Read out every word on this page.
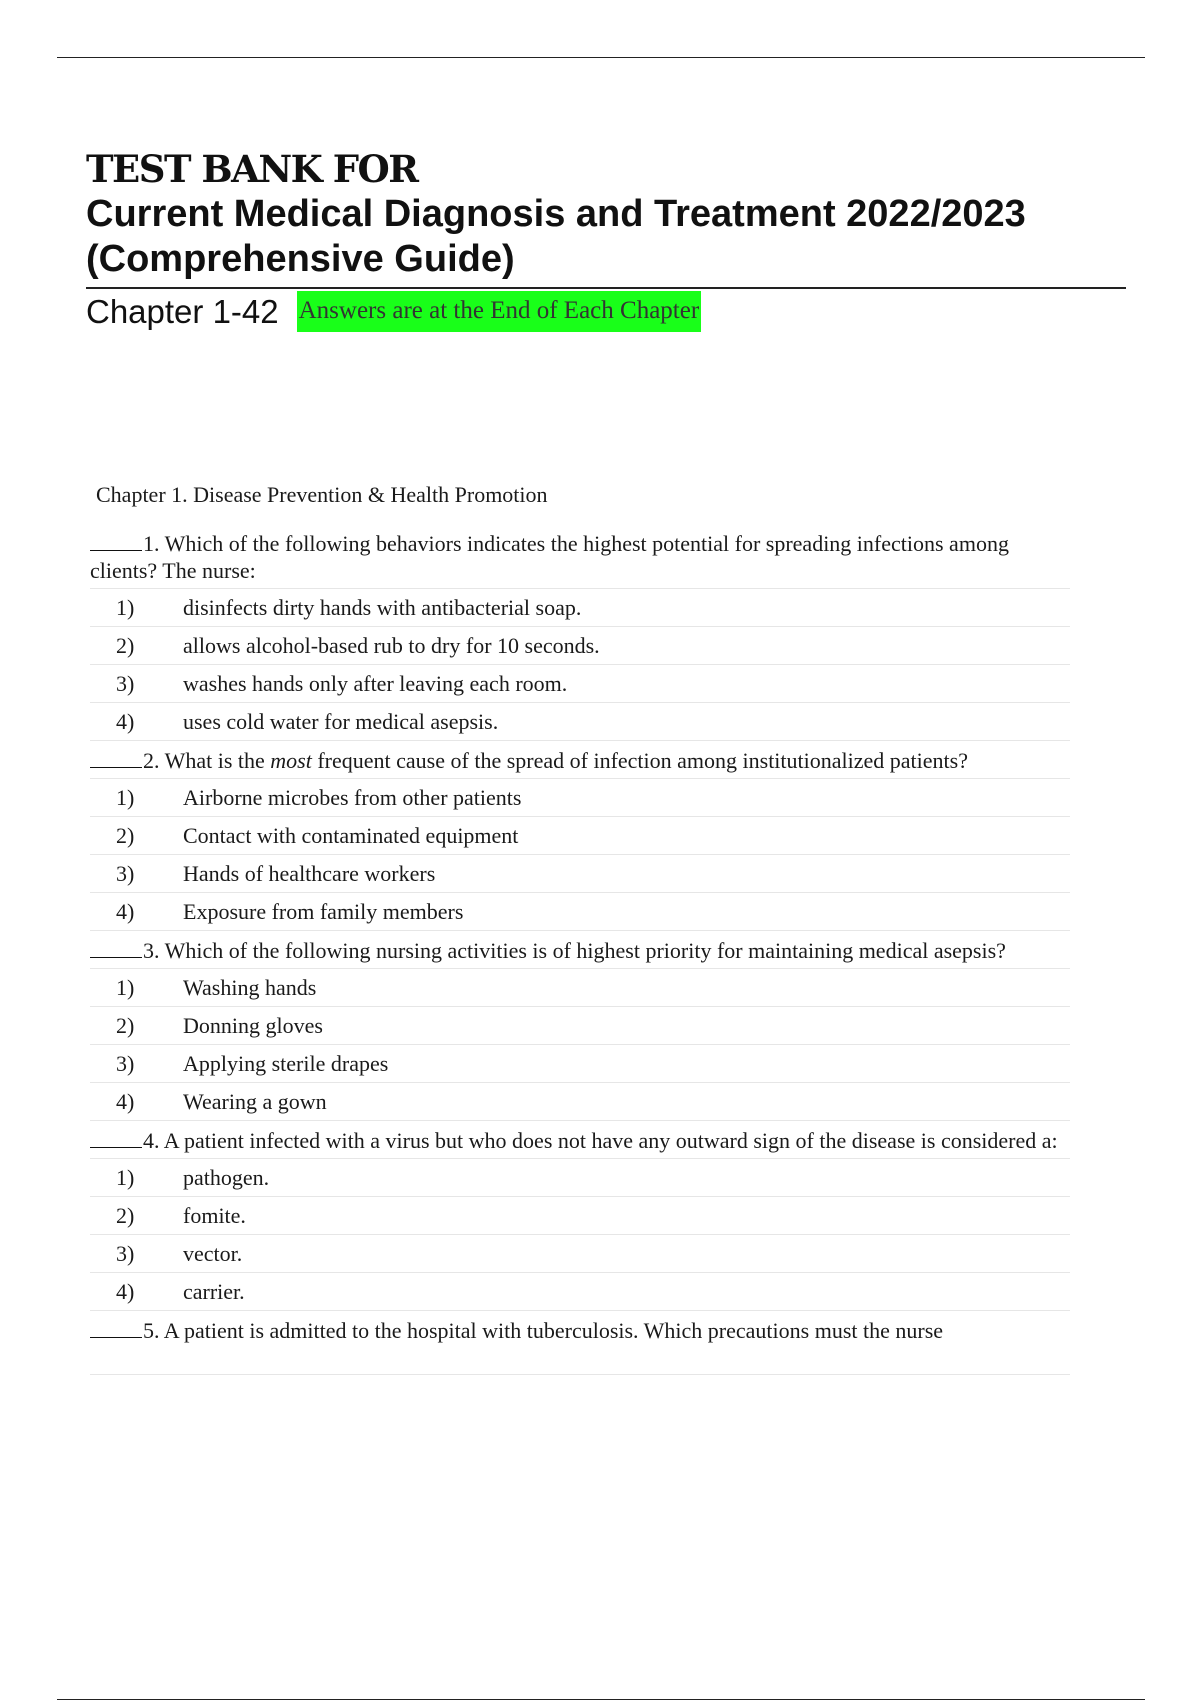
TEST BANK FOR

Current Medical Diagnosis and Treatment 2022/2023

(Comprehensive Guide)

Chapter 1-42 Answers are at the End of Each Chapter
Chapter 1. Disease Prevention & Health Promotion

1. Which of the following behaviors indicates the highest potential for spreading infections among clients? The nurse:

1)	disinfects dirty hands with antibacterial soap.
2)	allows alcohol-based rub to dry for 10 seconds.
3)	washes hands only after leaving each room.
4)	uses cold water for medical asepsis.

2. What is the most frequent cause of the spread of infection among institutionalized patients?

1)	Airborne microbes from other patients
2)	Contact with contaminated equipment
3)	Hands of healthcare workers
4)	Exposure from family members

3. Which of the following nursing activities is of highest priority for maintaining medical asepsis?

1)	Washing hands
2)	Donning gloves
3)	Applying sterile drapes
4)	Wearing a gown

4. A patient infected with a virus but who does not have any outward sign of the disease is considered a:

1)	pathogen.
2)	fomite.
3)	vector.
4)	carrier.

5. A patient is admitted to the hospital with tuberculosis. Which precautions must the nurse
